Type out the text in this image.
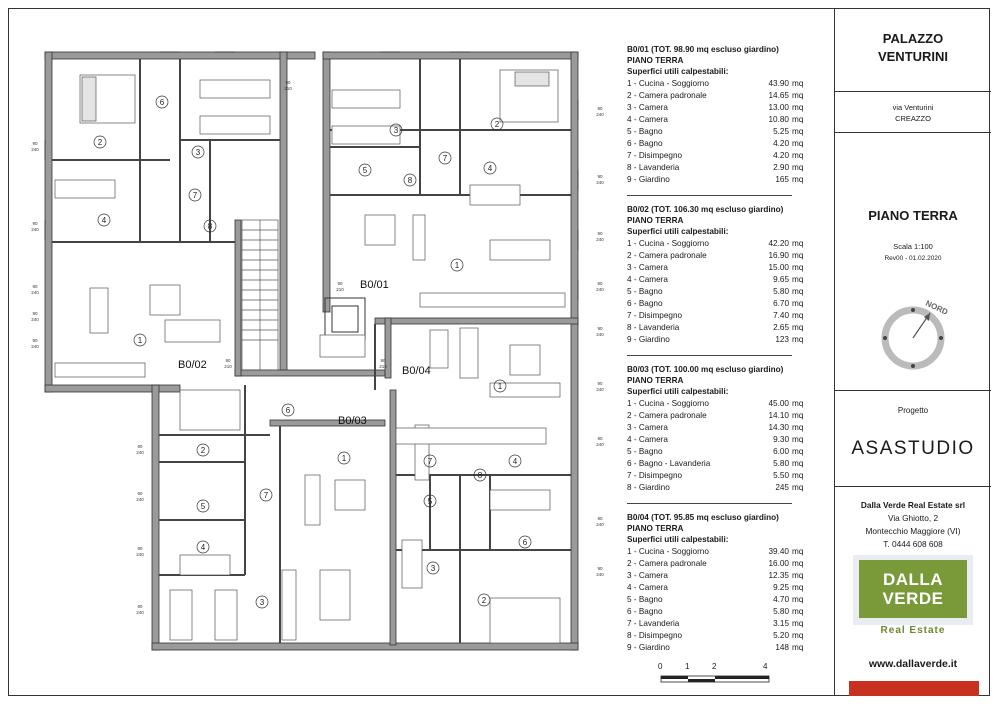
2
6
3
4
7
8
1
2
3
4
5
7
8
1
2
6
5
7
4
3
1	7
8
5
4
6
3
2
1
B0/01
B0/02
B0/03
B0/04
90
240
90
240
90
240
90
240
90
240
90
240
90
240
90
240
90
240
90
240
90
240
90
240
90
240
90
240
90
240
90
240
90
240
90
240
90
210
90
210
90
210
90
210
B0/01 (TOT. 98.90 mq escluso giardino)
PIANO TERRA
Superfici utili calpestabili:
1 - Cucina - Soggiorno	43.90 mq
2 - Camera padronale	14.65 mq
3 - Camera	13.00 mq
4 - Camera	10.80 mq
5 - Bagno	5.25 mq
6 - Bagno	4.20 mq
7 - Disimpegno	4.20 mq
8 - Lavanderia	2.90 mq
9 - Giardino	165 mq
B0/02 (TOT. 106.30 mq escluso giardino)
PIANO TERRA
Superfici utili calpestabili:
1 - Cucina - Soggiorno	42.20 mq
2 - Camera padronale	16.90 mq
3 - Camera	15.00 mq
4 - Camera	9.65 mq
5 - Bagno	5.80 mq
6 - Bagno	6.70 mq
7 - Disimpegno	7.40 mq
8 - Lavanderia	2.65 mq
9 - Giardino	123 mq
B0/03 (TOT. 100.00 mq escluso giardino)
PIANO TERRA
Superfici utili calpestabili:
1 - Cucina - Soggiorno	45.00 mq
2 - Camera padronale	14.10 mq
3 - Camera	14.30 mq
4 - Camera	9.30 mq
5 - Bagno	6.00 mq
6 - Bagno - Lavanderia	5.80 mq
7 - Disimpegno	5.50 mq
8 - Giardino	245 mq
B0/04 (TOT. 95.85 mq escluso giardino)
PIANO TERRA
Superfici utili calpestabili:
1 - Cucina - Soggiorno	39.40 mq
2 - Camera padronale	16.00 mq
3 - Camera	12.35 mq
4 - Camera	9.25 mq
5 - Bagno	4.70 mq
6 - Bagno	5.80 mq
7 - Lavanderia	3.15 mq
8 - Disimpegno	5.20 mq
9 - Giardino	148 mq
0	1	2	4
PALAZZO
VENTURINI
via Venturini
CREAZZO
PIANO TERRA
Scala 1:100
Rev00 - 01.02.2020
NORD
Progetto
ASASTUDIO
Dalla Verde Real Estate srl
Via Ghiotto, 2
Montecchio Maggiore (VI)
T. 0444 608 608
DALLA
VERDE
Real Estate
www.dallaverde.it
